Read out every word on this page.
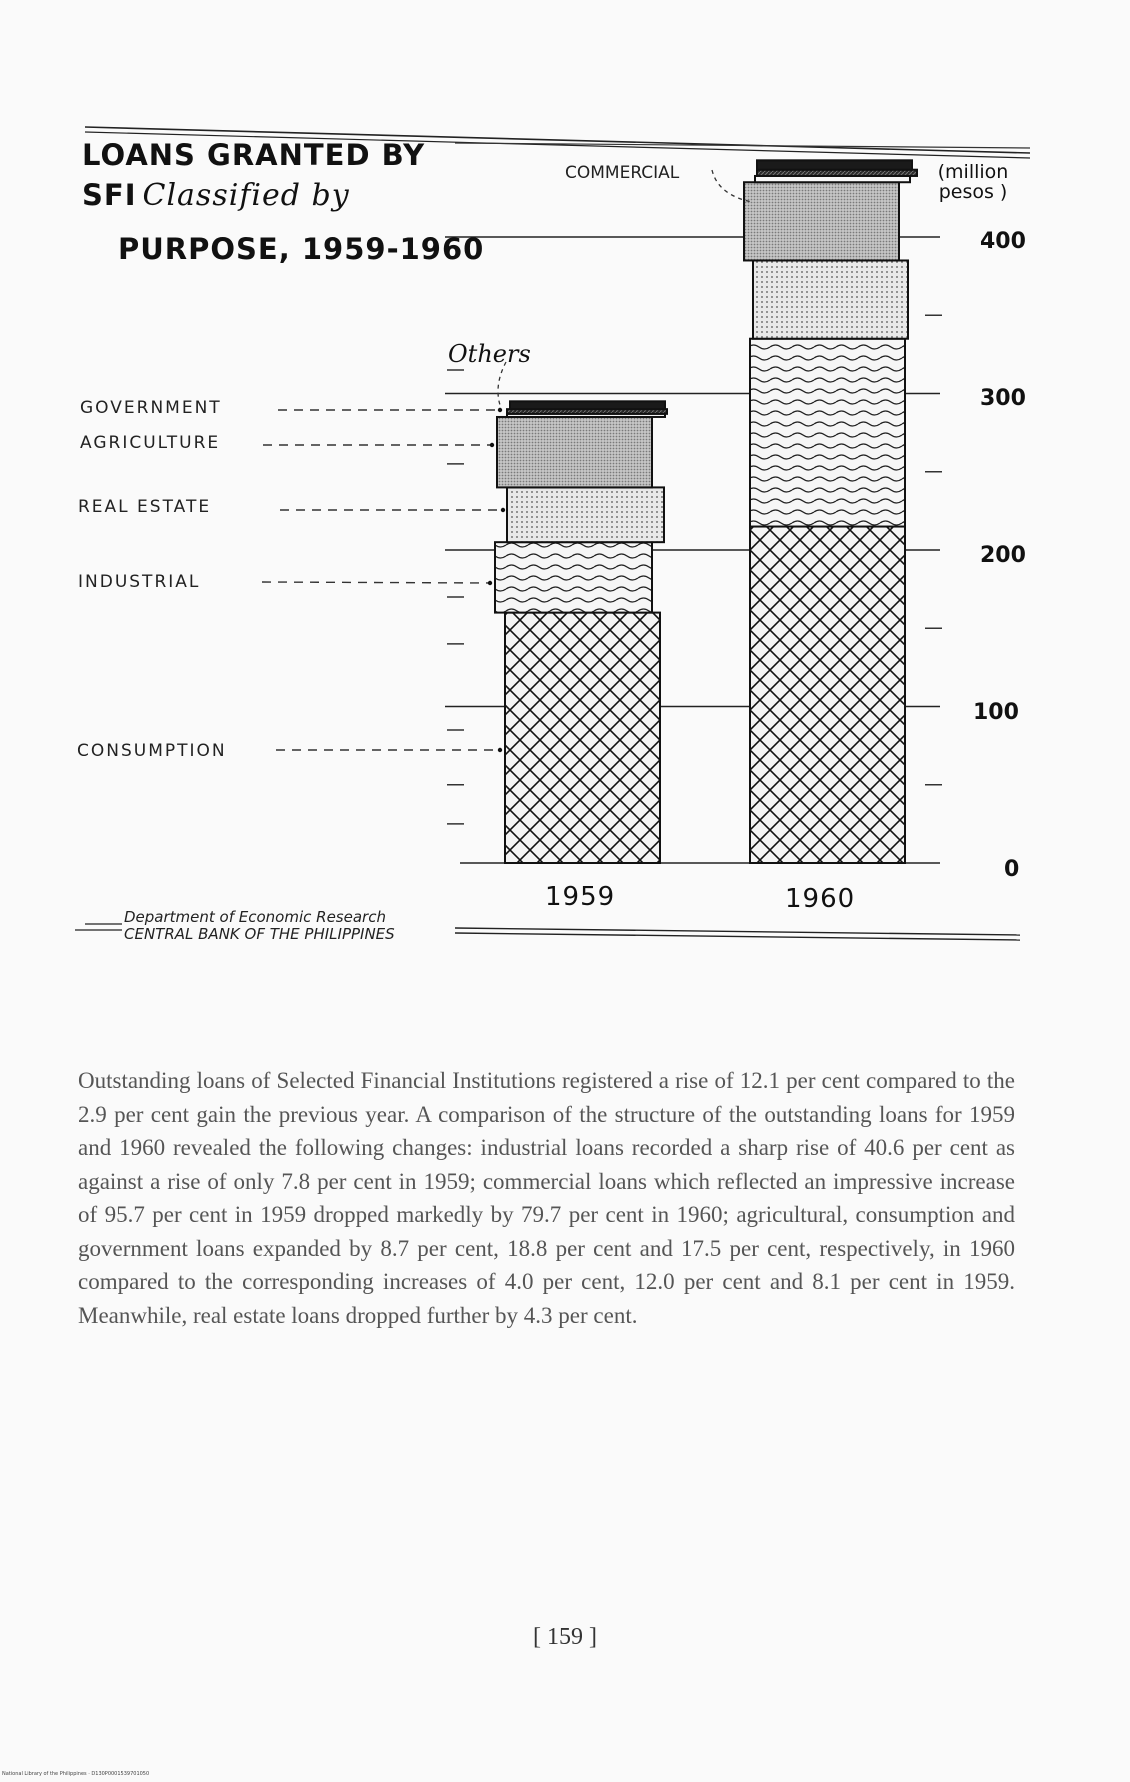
LOANS GRANTED BY
SFI Classified by
PURPOSE, 1959-1960
(million
pesos )
COMMERCIAL
Others
GOVERNMENT
AGRICULTURE
REAL ESTATE
INDUSTRIAL
CONSUMPTION
400
300
200
100
0
1959	1960
Department of Economic Research
CENTRAL BANK OF THE PHILIPPINES

Outstanding loans of Selected Financial Institutions registered a rise of 12.1 per cent compared to the 2.9 per cent gain the previous year. A comparison of the structure of the outstanding loans for 1959 and 1960 revealed the following changes: industrial loans recorded a sharp rise of 40.6 per cent as against a rise of only 7.8 per cent in 1959; commercial loans which reflected an impressive increase of 95.7 per cent in 1959 dropped markedly by 79.7 per cent in 1960; agricultural, consumption and government loans expanded by 8.7 per cent, 18.8 per cent and 17.5 per cent, respectively, in 1960 compared to the corresponding increases of 4.0 per cent, 12.0 per cent and 8.1 per cent in 1959. Meanwhile, real estate loans dropped further by 4.3 per cent.

[ 159 ]
National Library of the Philippines · D130P0001539701050
